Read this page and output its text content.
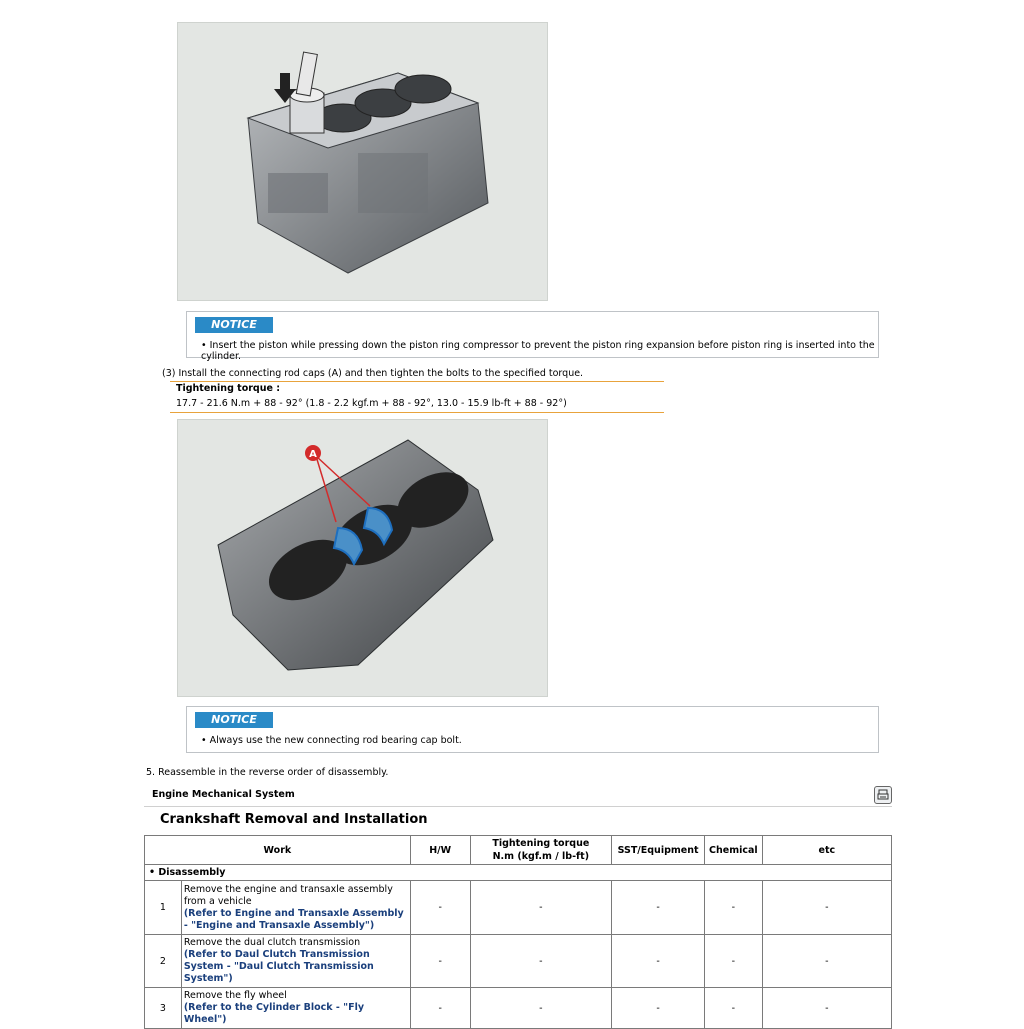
NOTICE
• Insert the piston while pressing down the piston ring compressor to prevent the piston ring expansion before piston ring is inserted into the cylinder.
(3) Install the connecting rod caps (A) and then tighten the bolts to the specified torque.
Tightening torque :
17.7 - 21.6 N.m + 88 - 92° (1.8 - 2.2 kgf.m + 88 - 92°, 13.0 - 15.9 lb-ft + 88 - 92°)
A
NOTICE
• Always use the new connecting rod bearing cap bolt.
5. Reassemble in the reverse order of disassembly.
Engine Mechanical System
Crankshaft Removal and Installation
Work		H/W	Tightening torque
N.m (kgf.m / lb-ft)	SST/Equipment	Chemical	etc
• Disassembly						
1	Remove the engine and transaxle assembly from a vehicle
(Refer to Engine and Transaxle Assembly - "Engine and Transaxle Assembly")	-	-	-	-	-
2	Remove the dual clutch transmission
(Refer to Daul Clutch Transmission System - "Daul Clutch Transmission System")	-	-	-	-	-
3	Remove the fly wheel
(Refer to the Cylinder Block - "Fly Wheel")	-	-	-	-	-
